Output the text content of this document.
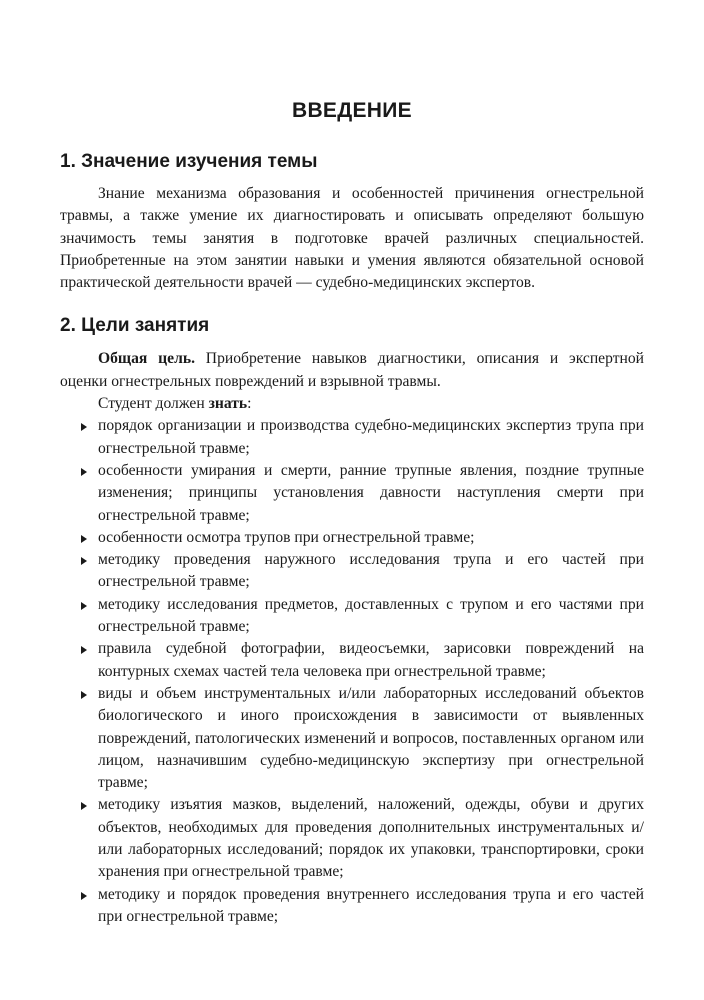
ВВЕДЕНИЕ
1. Значение изучения темы

Знание механизма образования и особенностей причинения огнестрельной травмы, а также умение их диагностировать и описывать определяют большую значимость темы занятия в подготовке врачей различных специальностей. Приобретенные на этом занятии навыки и умения являются обязательной основой практической деятельности врачей — судебно-медицинских экспертов.

2. Цели занятия

Общая цель. Приобретение навыков диагностики, описания и экспертной оценки огнестрельных повреждений и взрывной травмы.

Студент должен знать:

порядок организации и производства судебно-медицинских экспертиз трупа при огнестрельной травме;
особенности умирания и смерти, ранние трупные явления, поздние трупные изменения; принципы установления давности наступления смерти при огнестрельной травме;
особенности осмотра трупов при огнестрельной травме;
методику проведения наружного исследования трупа и его частей при огнестрельной травме;
методику исследования предметов, доставленных с трупом и его частями при огнестрельной травме;
правила судебной фотографии, видеосъемки, зарисовки повреждений на контурных схемах частей тела человека при огнестрельной травме;
виды и объем инструментальных и/или лабораторных исследований объектов биологического и иного происхождения в зависимости от выявленных повреждений, патологических изменений и вопросов, поставленных органом или лицом, назначившим судебно-медицинскую экспертизу при огнестрельной травме;
методику изъятия мазков, выделений, наложений, одежды, обуви и других объектов, необходимых для проведения дополнительных инструментальных и/или лабораторных исследований; порядок их упаковки, транспортировки, сроки хранения при огнестрельной травме;
методику и порядок проведения внутреннего исследования трупа и его частей при огнестрельной травме;
